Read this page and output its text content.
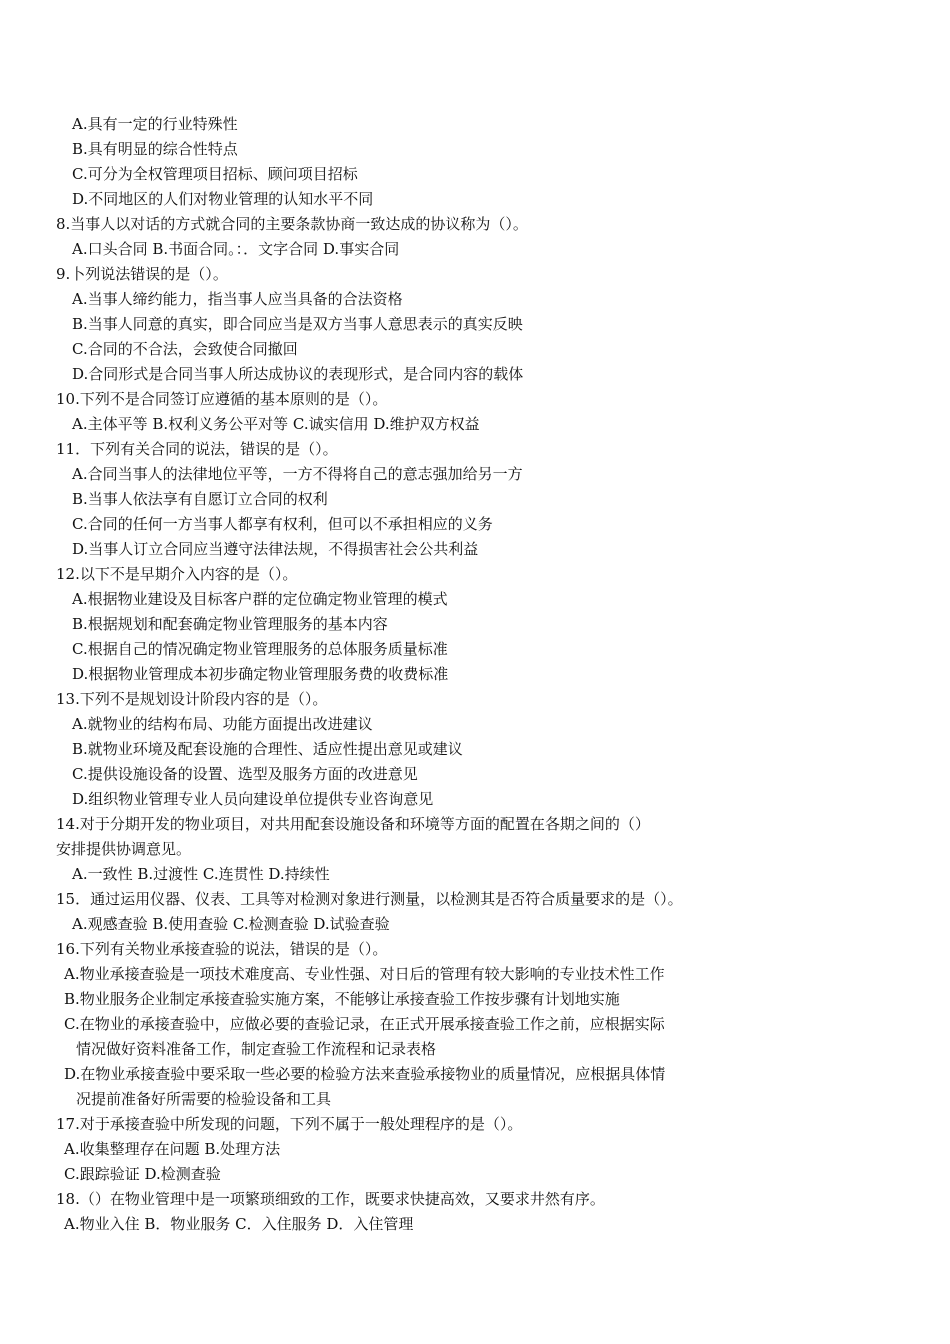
A.具有一定的行业特殊性
B.具有明显的综合性特点
C.可分为全权管理项目招标、顾问项目招标
D.不同地区的人们对物业管理的认知水平不同
8.当事人以对话的方式就合同的主要条款协商一致达成的协议称为（）。
A.口头合同 B.书面合同。：．文字合同 D.事实合同
9.卜列说法错误的是（）。
A.当事人缔约能力，指当事人应当具备的合法资格
B.当事人同意的真实，即合同应当是双方当事人意思表示的真实反映
C.合同的不合法，会致使合同撤回
D.合同形式是合同当事人所达成协议的表现形式，是合同内容的载体
10.下列不是合同签订应遵循的基本原则的是（）。
A.主体平等 B.权利义务公平对等 C.诚实信用 D.维护双方权益
11．下列有关合同的说法，错误的是（）。
A.合同当事人的法律地位平等，一方不得将自己的意志强加给另一方
B.当事人依法享有自愿订立合同的权利
C.合同的任何一方当事人都享有权利，但可以不承担相应的义务
D.当事人订立合同应当遵守法律法规，不得损害社会公共利益
12.以下不是早期介入内容的是（）。
A.根据物业建设及目标客户群的定位确定物业管理的模式
B.根据规划和配套确定物业管理服务的基本内容
C.根据自己的情况确定物业管理服务的总体服务质量标准
D.根据物业管理成本初步确定物业管理服务费的收费标准
13.下列不是规划设计阶段内容的是（）。
A.就物业的结构布局、功能方面提出改进建议
B.就物业环境及配套设施的合理性、适应性提出意见或建议
C.提供设施设备的设置、选型及服务方面的改进意见
D.组织物业管理专业人员向建设单位提供专业咨询意见
14.对于分期开发的物业项目，对共用配套设施设备和环境等方面的配置在各期之间的（）
安排提供协调意见。
A.一致性 B.过渡性 C.连贯性 D.持续性
15．通过运用仪器、仪表、工具等对检测对象进行测量，以检测其是否符合质量要求的是（）。
A.观感查验 B.使用查验 C.检测查验 D.试验查验
16.下列有关物业承接查验的说法，错误的是（）。
A.物业承接查验是一项技术难度高、专业性强、对日后的管理有较大影响的专业技术性工作
B.物业服务企业制定承接查验实施方案，不能够让承接查验工作按步骤有计划地实施
C.在物业的承接查验中，应做必要的查验记录，在正式开展承接查验工作之前，应根据实际
情况做好资料准备工作，制定查验工作流程和记录表格
D.在物业承接查验中要采取一些必要的检验方法来查验承接物业的质量情况，应根据具体情
况提前准备好所需要的检验设备和工具
17.对于承接查验中所发现的问题，下列不属于一般处理程序的是（）。
A.收集整理存在问题 B.处理方法
C.跟踪验证 D.检测查验
18.（）在物业管理中是一项繁琐细致的工作，既要求快捷高效，又要求井然有序。
A.物业入住 B．物业服务 C．入住服务 D．入住管理
